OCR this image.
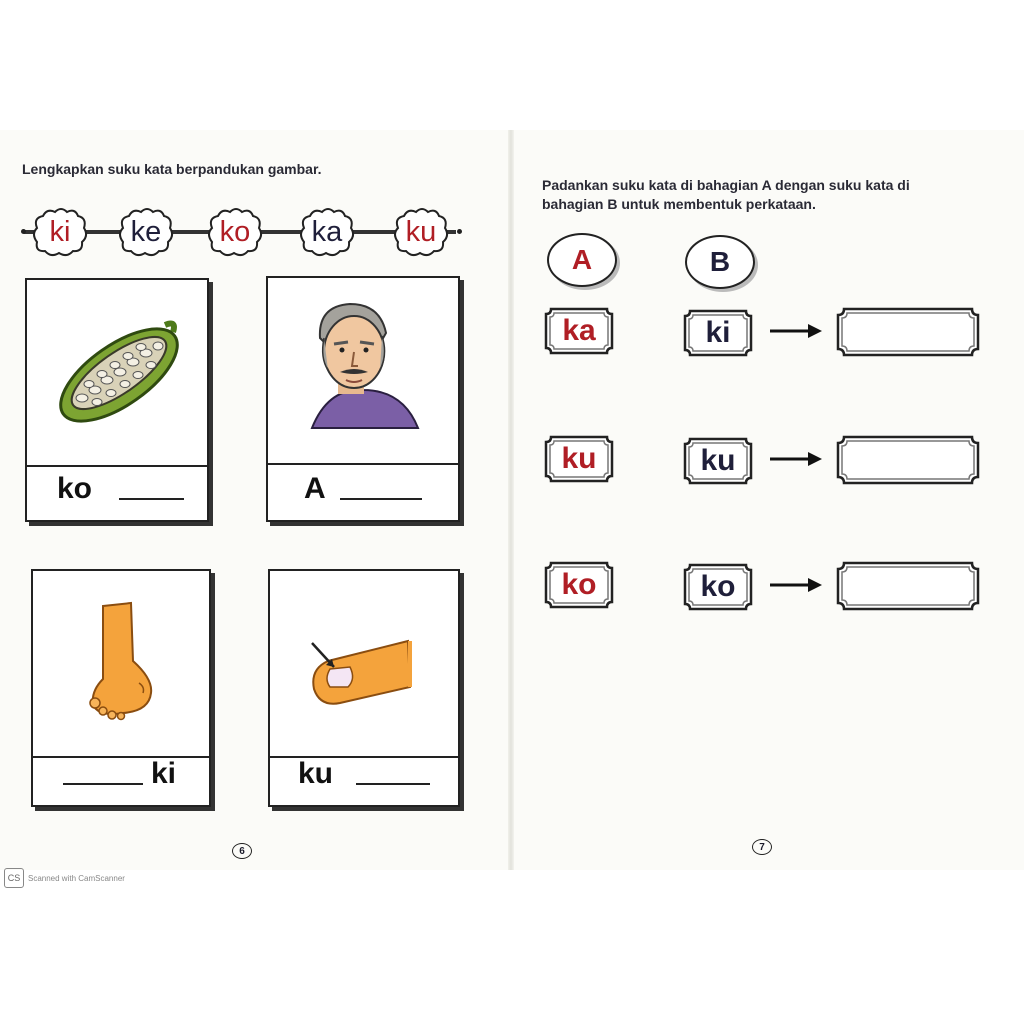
Lengkapkan suku kata berpandukan gambar.
ki	ke	ko	ka	ku
ko	A
ki	ku
6
Padankan suku kata di bahagian A dengan suku kata di
bahagian B untuk membentuk perkataan.
A	B
ka	ki
ku	ku
ko	ko
7
CS Scanned with CamScanner
